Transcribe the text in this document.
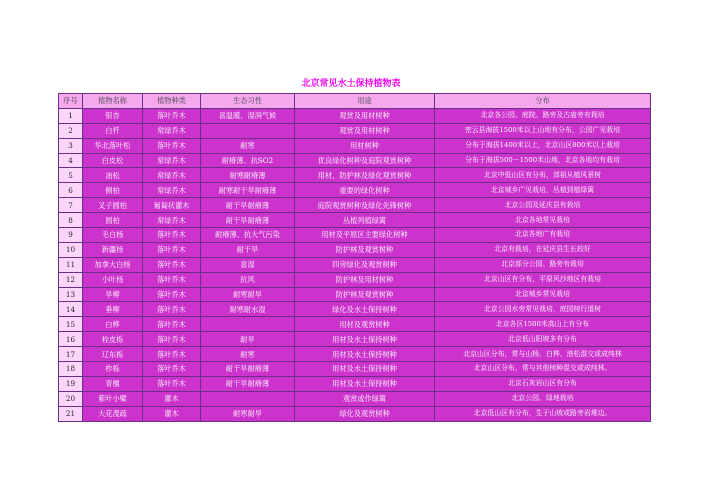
北京常见水土保持植物表
序号	植物名称	植物种类	生态习性	用途	分布
1	银杏	落叶乔木	喜温暖、湿润气候	观赏及用材树种	北京各公园、庭院、路旁及古庙旁有栽培
2	白杄	常绿乔木		观赏及用材树种	密云县海拔1500米以上山地有分布，公园广见栽培
3	华北落叶松	落叶乔木	耐寒	用材树种	分布于海拔1400米以上，北京山区800米以上栽培
4	白皮松	常绿乔木	耐瘠薄、抗SO2	优良绿化树种及庭院观赏树种	分布于海拔500－1500米山地，北京各地均有栽培
5	油松	常绿乔木	耐寒耐瘠薄	用材、防护林及绿化观赏树种	北京中低山区有分布，郊祖从植风景树
6	侧柏	常绿乔木	耐寒耐干旱耐瘠薄	重要的绿化树种	北京城乡广见栽培，丛植到植绿篱
7	叉子圆柏	匍匐状灌木	耐干旱耐瘠薄	庭院观赏树种及绿化先锋树种	北京公园及延庆县有栽培
8	圆柏	常绿乔木	耐干旱耐瘠薄	丛植列植绿篱	北京各地常见栽培
9	毛白杨	落叶乔木	耐瘠薄、抗大气污染	用材及平原区主要绿化树种	北京各地广有栽培
10	新疆杨	落叶乔木	耐干旱	防护林及观赏树种	北京有栽培，在延庆县生长较好
11	加拿大白杨	落叶乔木	喜湿	四旁绿化及观赏树种	北京部分公园、路旁有栽培
12	小叶杨	落叶乔木	抗风	防护林及用材树种	北京山区有分布，平原风沙地区有栽培
13	旱柳	落叶乔木	耐寒耐旱	防护林及观赏树种	北京城乡常见栽培
14	垂柳	落叶乔木	耐寒耐水湿	绿化及水土保持树种	北京公园水旁常见栽培，庭园树行道树
15	白桦	落叶乔木		用材及观赏树种	北京各区1500米高山上有分布
16	栓皮栎	落叶乔木	耐旱	用材及水土保持树种	北京低山阳坡多有分布
17	辽东栎	落叶乔木	耐寒	用材及水土保持树种	北京山区分布，常与山杨、白桦、油松混交或成纯林
18	柞栎	落叶乔木	耐干旱耐瘠薄	用材及水土保持树种	北京山区分布，常与其他树种混交或成纯林。
19	青檀	落叶乔木	耐干旱耐瘠薄	用材及水土保持树种	北京石灰岩山区有分布
20	紫叶小檗	灌木		观赏或作绿篱	北京公园、绿地栽培
21	大花溲疏	灌木	耐寒耐旱	绿化及观赏树种	北京低山区有分布，生于山坡或路旁岩堆边。
